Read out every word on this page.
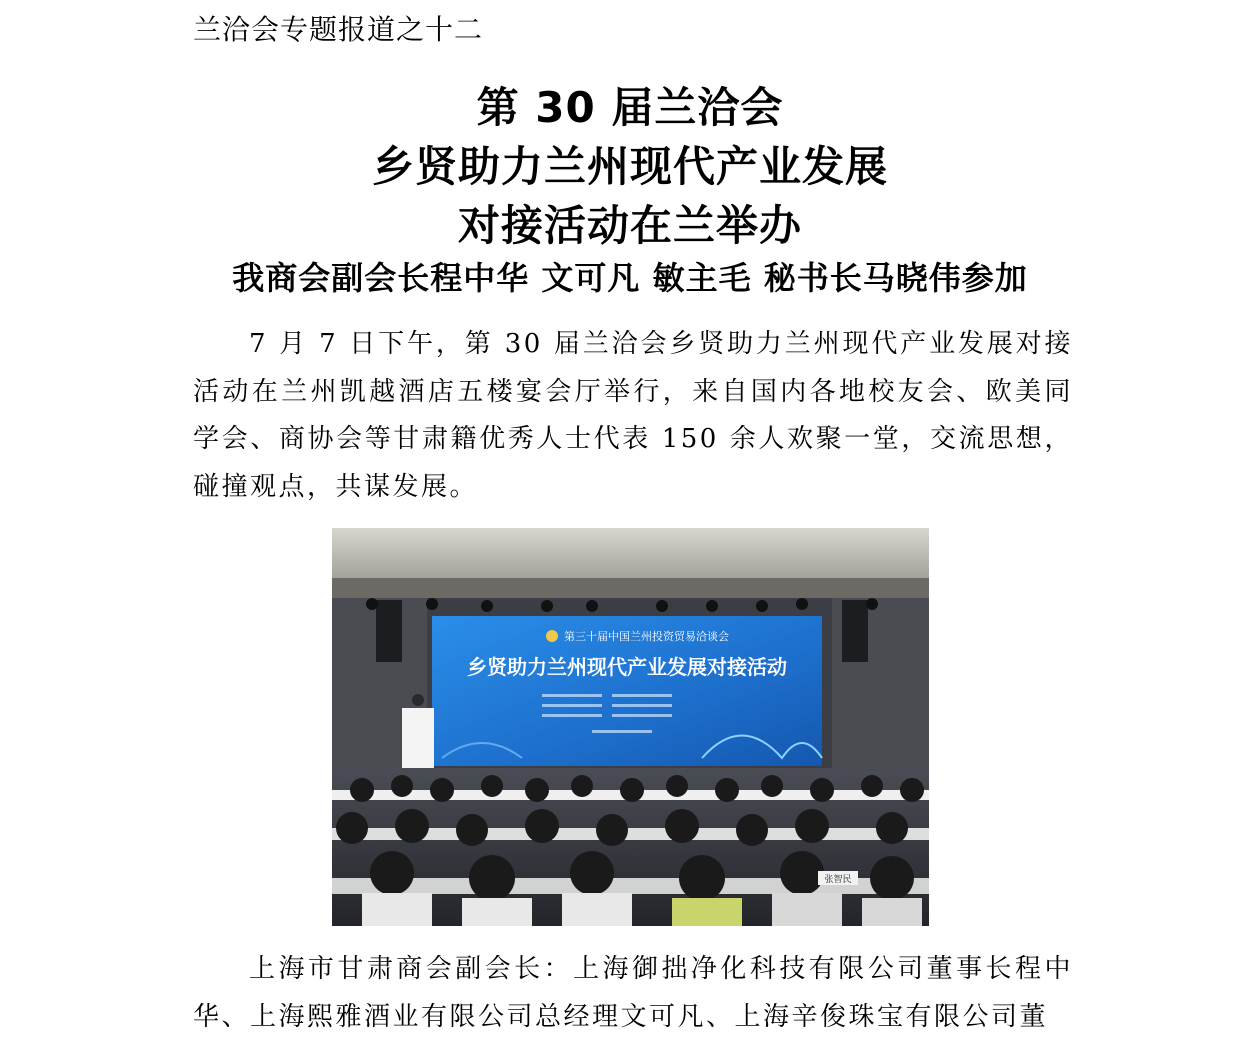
兰洽会专题报道之十二
第 30 届兰洽会
乡贤助力兰州现代产业发展
对接活动在兰举办
我商会副会长程中华 文可凡 敏主毛 秘书长马晓伟参加

7 月 7 日下午，第 30 届兰洽会乡贤助力兰州现代产业发展对接活动在兰州凯越酒店五楼宴会厅举行，来自国内各地校友会、欧美同学会、商协会等甘肃籍优秀人士代表 150 余人欢聚一堂，交流思想，碰撞观点，共谋发展。

第三十届中国兰州投资贸易洽谈会
乡贤助力兰州现代产业发展对接活动
张智民

上海市甘肃商会副会长：上海御拙净化科技有限公司董事长程中华、上海熙雅酒业有限公司总经理文可凡、上海辛俊珠宝有限公司董
